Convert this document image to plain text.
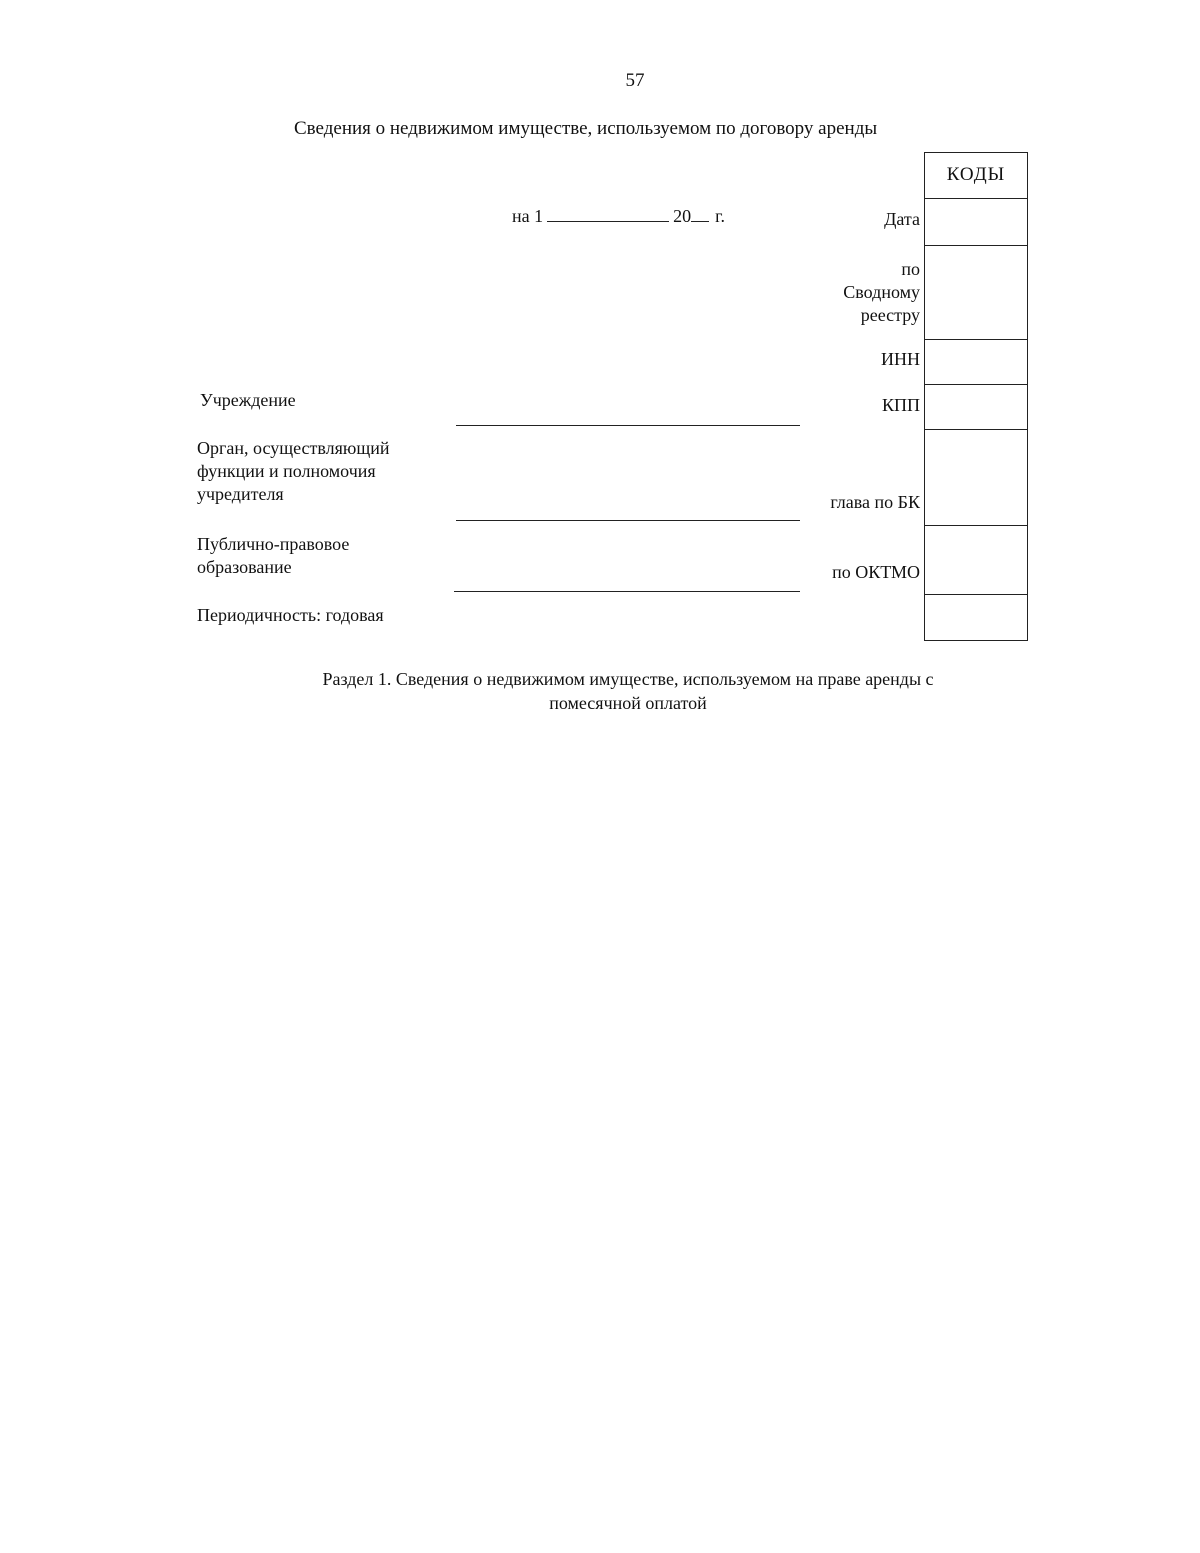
57
Сведения о недвижимом имуществе, используемом по договору аренды
на 1	20 г.	Дата
по
Сводному
реестру
ИНН
КПП
глава по БК
по ОКТМО
КОДЫ
Учреждение
Орган, осуществляющий
функции и полномочия
учредителя
Публично-правовое
образование
Периодичность: годовая
Раздел 1. Сведения о недвижимом имуществе, используемом на праве аренды с
помесячной оплатой
